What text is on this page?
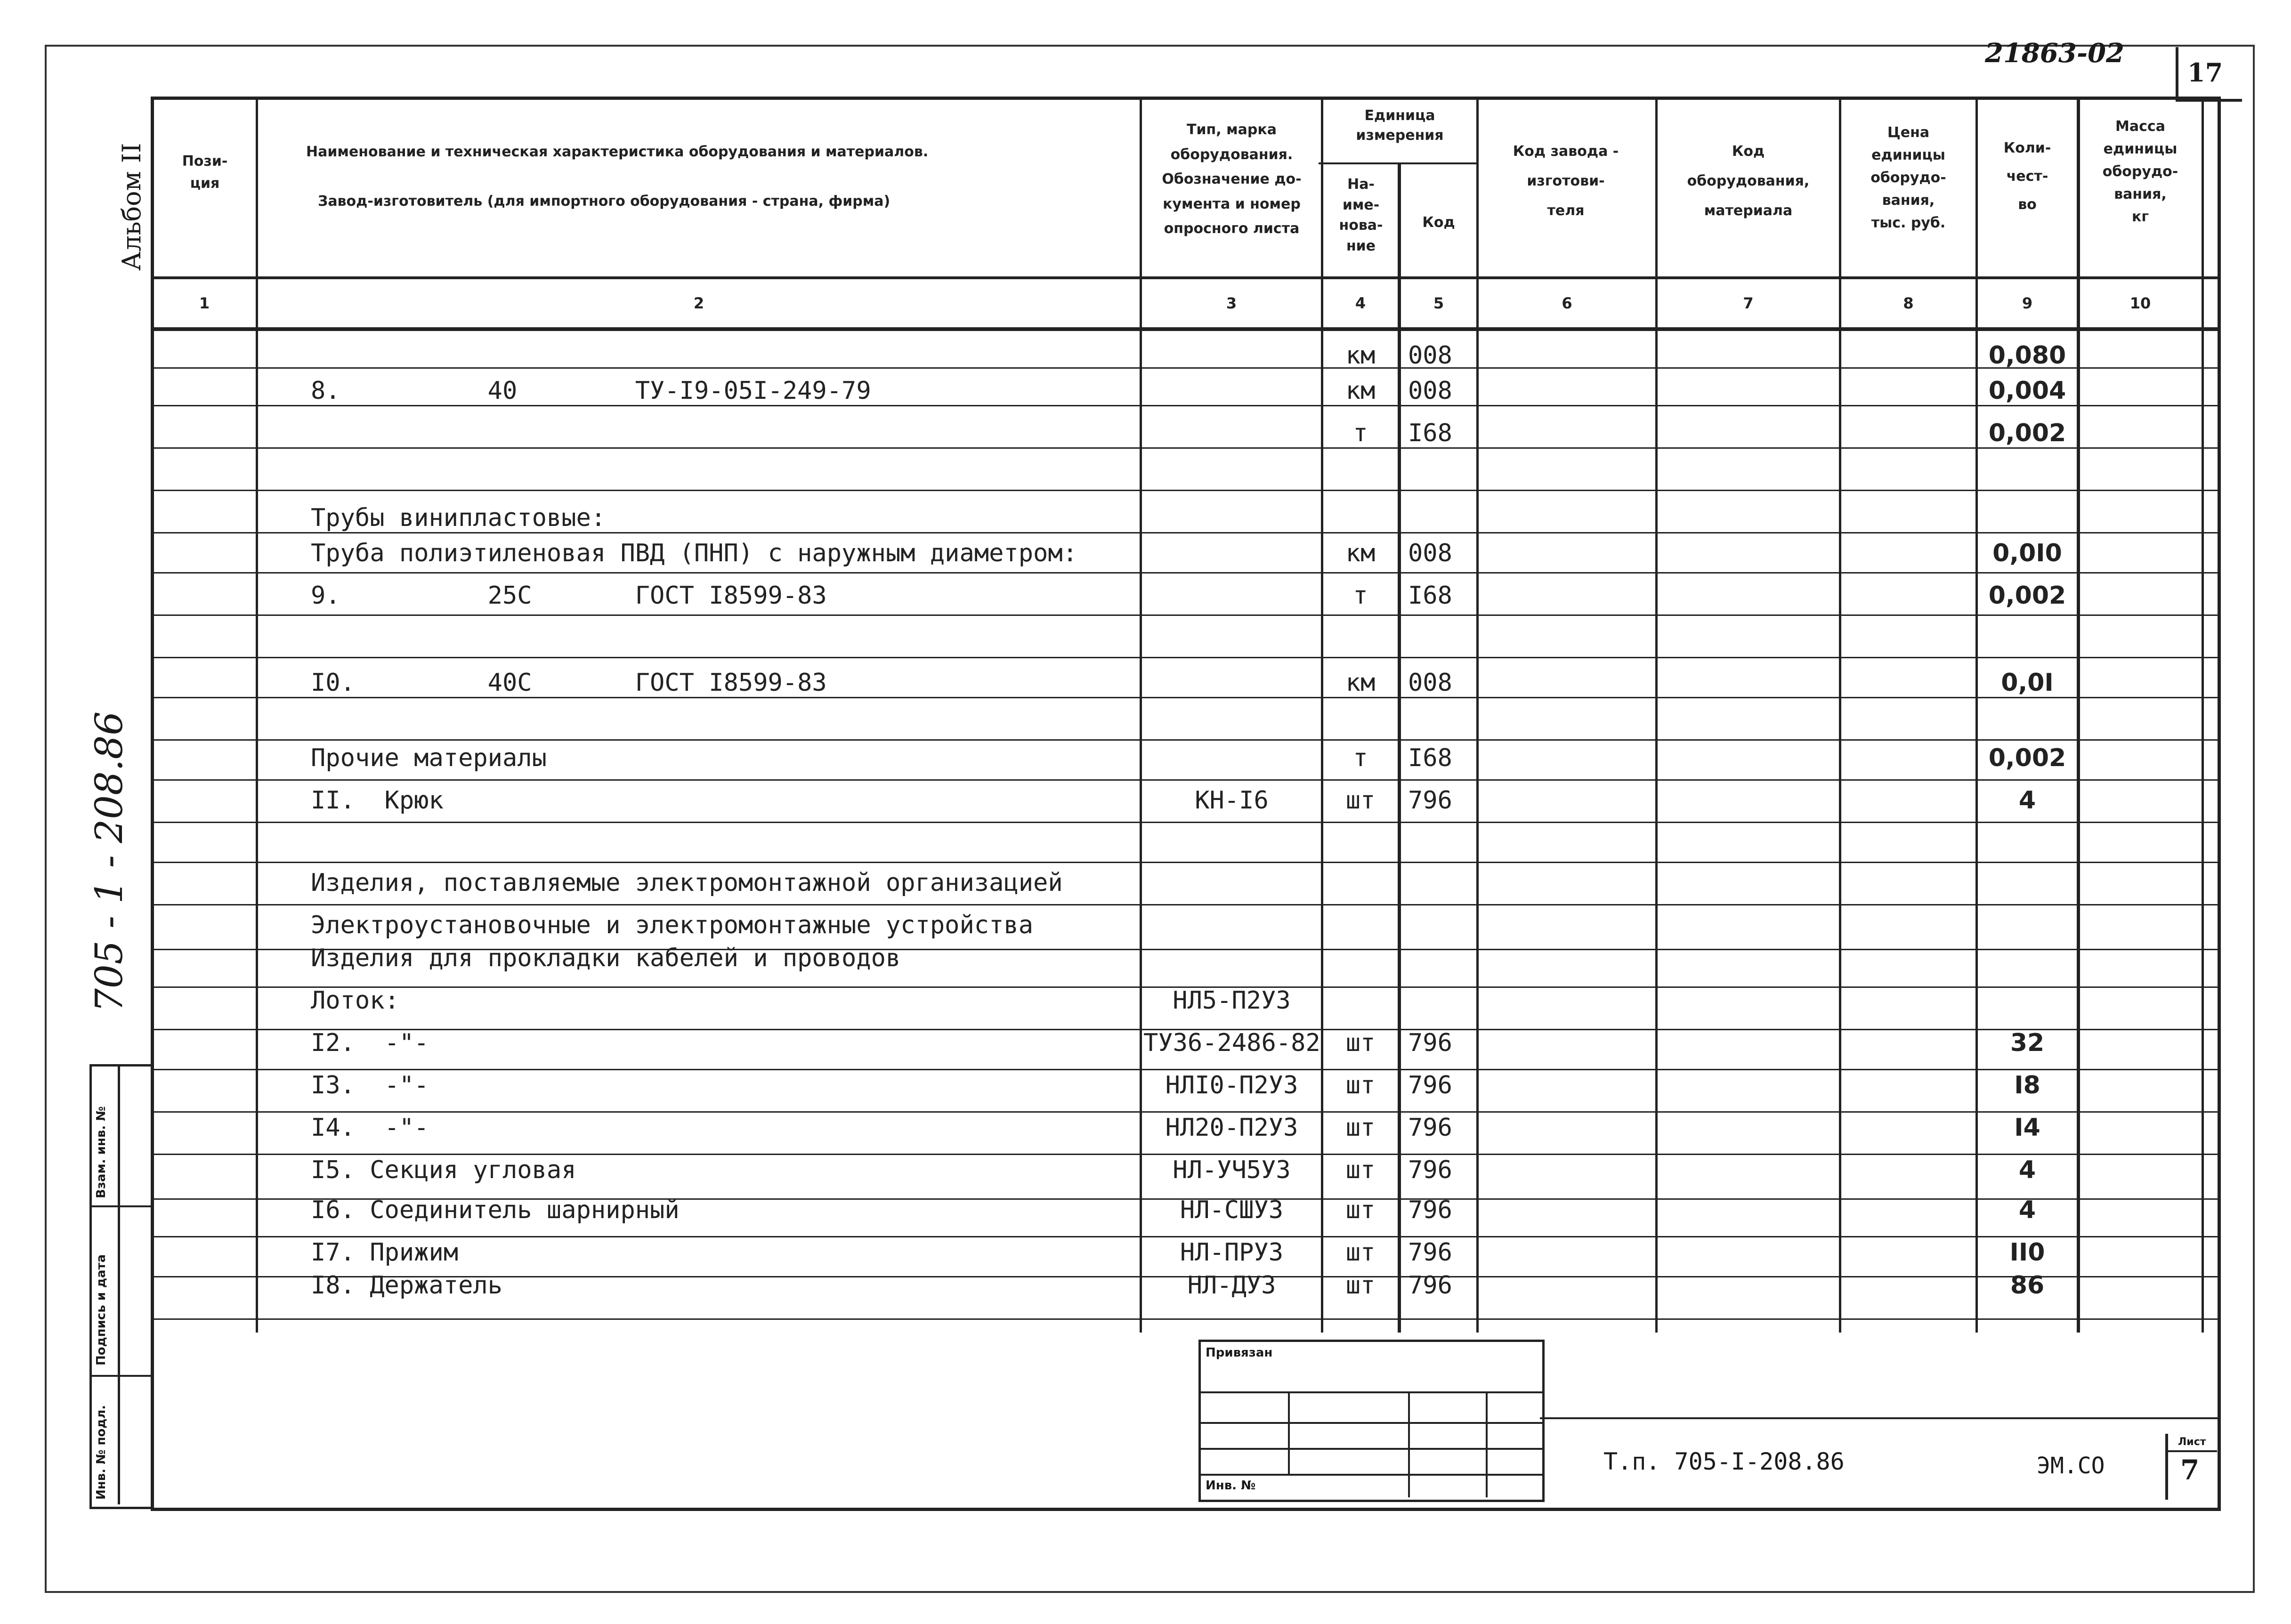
21863-02
17
Альбом II
705 - 1 - 208.86
Взам. инв. №
Подпись и дата
Инв. № подл.
Пози-
ция
Наименование и техническая характеристика оборудования и материалов.
Завод-изготовитель (для импортного оборудования - страна, фирма)
Тип, марка
оборудования.
Обозначение до-
кумента и номер
опросного листа
Единица
измерения
На-
име-
нова-
ние
Код
Код завода -
изготови-
теля
Код
оборудования,
материала
Цена
единицы
оборудо-
вания,
тыс. руб.
Коли-
чест-
во
Масса
единицы
оборудо-
вания,
кг
1	2	3	4	5	6	7	8	9	10
км	008	0,080
8.          40        ТУ-I9-05I-249-79	км	008	0,004
т	I68	0,002
Трубы винипластовые:
Труба полиэтиленовая ПВД (ПНП) с наружным диаметром:	км	008	0,0I0
9.          25С       ГОСТ I8599-83	т	I68	0,002
I0.         40С       ГОСТ I8599-83	км	008	0,0I
Прочие материалы	т	I68	0,002
II.  Крюк	КН-I6	шт	796	4
Изделия, поставляемые электромонтажной организацией
Электроустановочные и электромонтажные устройства
Изделия для прокладки кабелей и проводов
Лоток:	НЛ5-П2У3
I2.  -"-	ТУ36-2486-82	шт	796	32
I3.  -"-	НЛI0-П2У3	шт	796	I8
I4.  -"-	НЛ20-П2У3	шт	796	I4
I5. Секция угловая	НЛ-УЧ5У3	шт	796	4
I6. Соединитель шарнирный	НЛ-СШУ3	шт	796	4
I7. Прижим	НЛ-ПРУ3	шт	796	II0
I8. Держатель	НЛ-ДУ3	шт	796	86
Привязан
Инв. №
Т.п. 705-I-208.86	ЭМ.СО
Лист
7
